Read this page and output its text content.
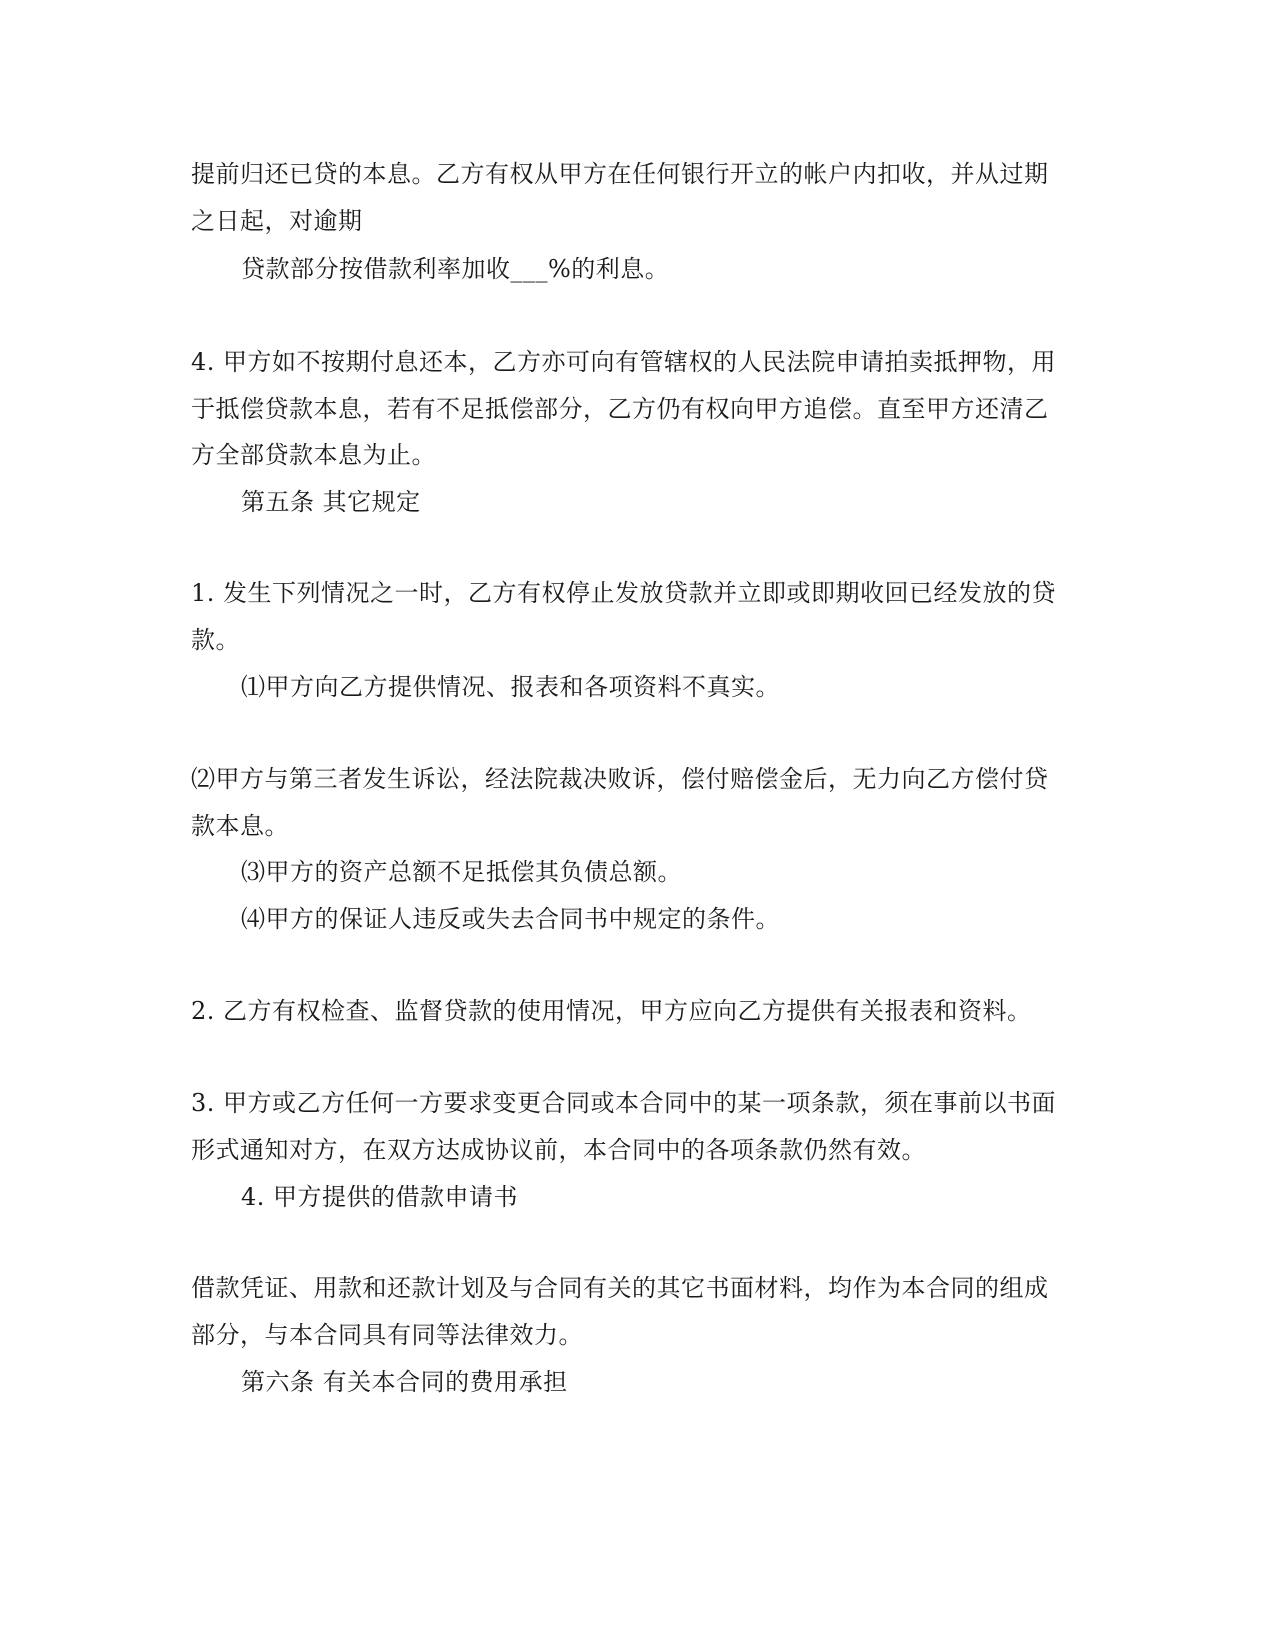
提前归还已贷的本息。乙方有权从甲方在任何银行开立的帐户内扣收，并从过期
之日起，对逾期
贷款部分按借款利率加收___%的利息。
4. 甲方如不按期付息还本，乙方亦可向有管辖权的人民法院申请拍卖抵押物，用
于抵偿贷款本息，若有不足抵偿部分，乙方仍有权向甲方追偿。直至甲方还清乙
方全部贷款本息为止。
第五条 其它规定
1. 发生下列情况之一时，乙方有权停止发放贷款并立即或即期收回已经发放的贷
款。
⑴甲方向乙方提供情况、报表和各项资料不真实。
⑵甲方与第三者发生诉讼，经法院裁决败诉，偿付赔偿金后，无力向乙方偿付贷
款本息。
⑶甲方的资产总额不足抵偿其负债总额。
⑷甲方的保证人违反或失去合同书中规定的条件。
2. 乙方有权检查、监督贷款的使用情况，甲方应向乙方提供有关报表和资料。
3. 甲方或乙方任何一方要求变更合同或本合同中的某一项条款，须在事前以书面
形式通知对方，在双方达成协议前，本合同中的各项条款仍然有效。
4. 甲方提供的借款申请书
借款凭证、用款和还款计划及与合同有关的其它书面材料，均作为本合同的组成
部分，与本合同具有同等法律效力。
第六条 有关本合同的费用承担
